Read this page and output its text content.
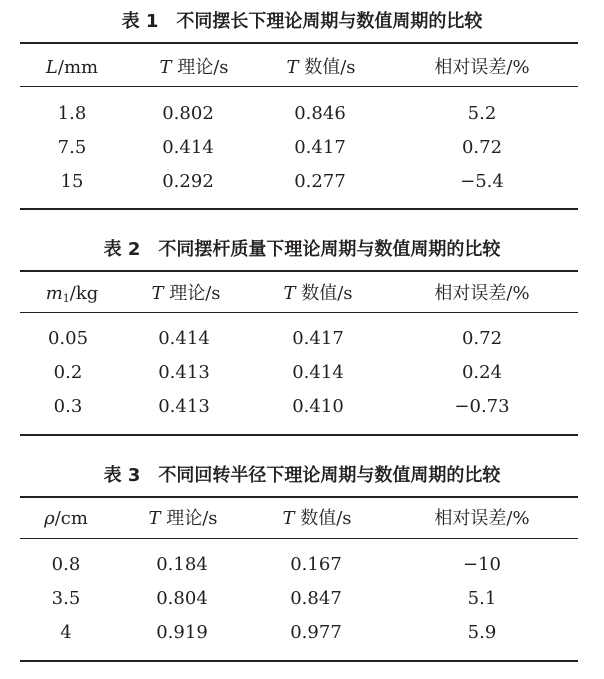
表 1 不同摆长下理论周期与数值周期的比较
L/mm	T 理论/s	T 数值/s	相对误差/%
1.8	0.802	0.846	5.2
7.5	0.414	0.417	0.72
15	0.292	0.277	−5.4
表 2 不同摆杆质量下理论周期与数值周期的比较
$m_1/kg$	T 理论/s	T 数值/s	相对误差/%
0.05	0.414	0.417	0.72
0.2	0.413	0.414	0.24
0.3	0.413	0.410	−0.73
表 3 不同回转半径下理论周期与数值周期的比较
ρ/cm	T 理论/s	T 数值/s	相对误差/%
0.8	0.184	0.167	−10
3.5	0.804	0.847	5.1
4	0.919	0.977	5.9
